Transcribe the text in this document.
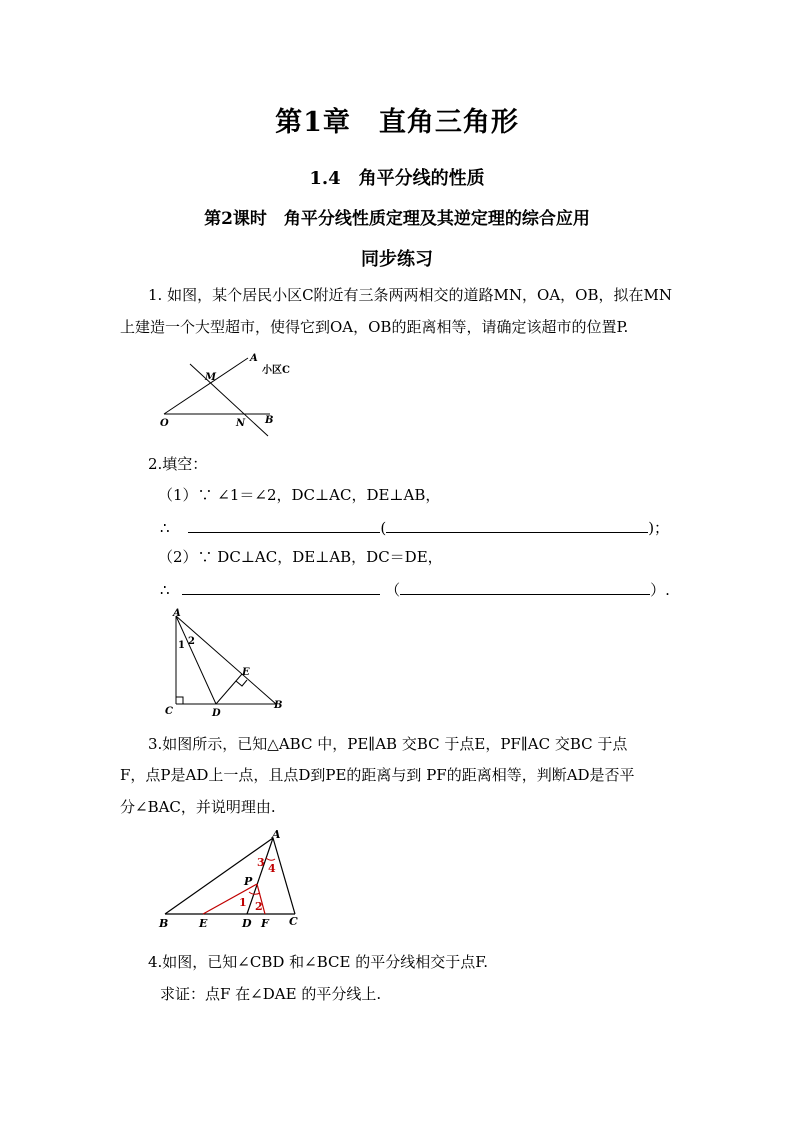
第1章　直角三角形
1.4　角平分线的性质
第2课时　角平分线性质定理及其逆定理的综合应用
同步练习
1. 如图，某个居民小区C附近有三条两两相交的道路MN，OA，OB，拟在MN
上建造一个大型超市，使得它到OA，OB的距离相等，请确定该超市的位置P.
A
M
O	N B
小区C
2.填空：
（1）∵ ∠1＝∠2，DC⊥AC，DE⊥AB，
∴	(	)；
（2）∵ DC⊥AC，DE⊥AB，DC＝DE，
∴	（	）.
A
1 2
E
C	D
B
3.如图所示，已知△ABC 中，PE∥AB 交BC 于点E，PF∥AC 交BC 于点
F，点P是AD上一点，且点D到PE的距离与到 PF的距离相等，判断AD是否平
分∠BAC，并说明理由.
A
3 4
P
1 2
B	E	D F C
4.如图，已知∠CBD 和∠BCE 的平分线相交于点F.
求证：点F 在∠DAE 的平分线上.
